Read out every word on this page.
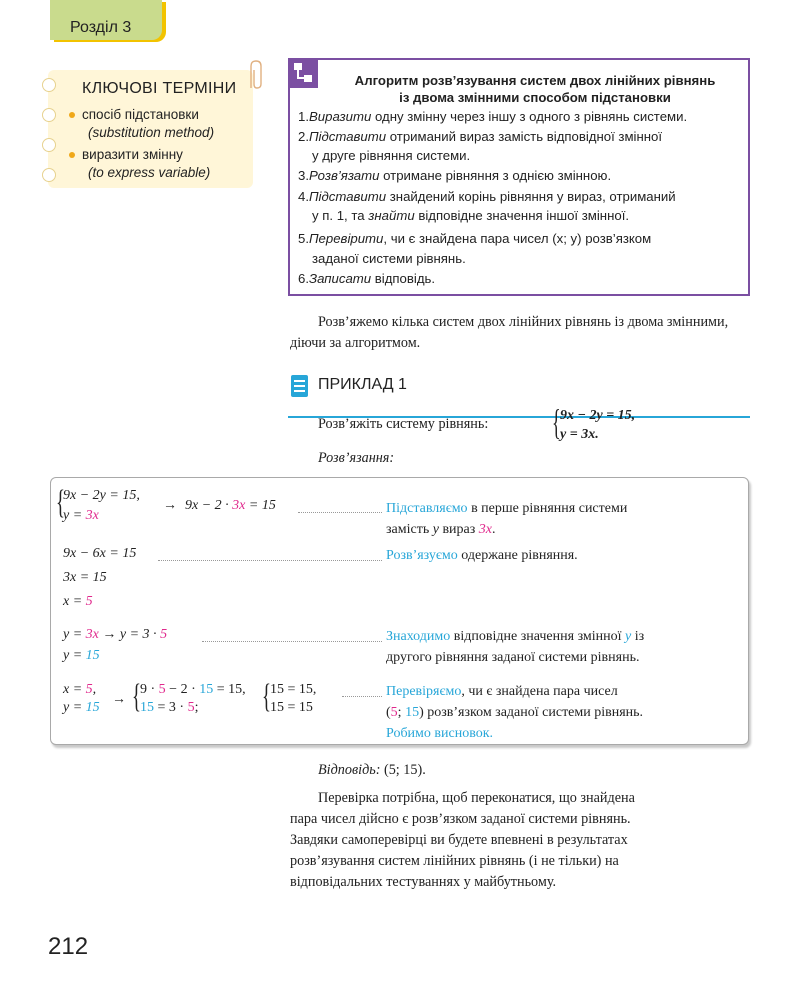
Розділ 3
КЛЮЧОВІ ТЕРМІНИ
спосіб підстановки
(substitution method)
виразити змінну
(to express variable)
Алгоритм розв’язування систем двох лінійних рівнянь
із двома змінними способом підстановки
1.Виразити одну змінну через іншу з одного з рівнянь системи.
2.Підставити отриманий вираз замість відповідної змінної
у друге рівняння системи.
3.Розв’язати отримане рівняння з однією змінною.
4.Підставити знайдений корінь рівняння у вираз, отриманий
у п. 1, та знайти відповідне значення іншої змінної.
5.Перевірити, чи є знайдена пара чисел (x; y) розв’язком
заданої системи рівнянь.
6.Записати відповідь.
Розв’яжемо кілька систем двох лінійних рівнянь із двома змінними, діючи за алгоритмом.
ПРИКЛАД 1
Розв’яжіть систему рівнянь: { 9x − 2y = 15,
y = 3x.
Розв’язання:
{
9x − 2y = 15,
y = 3x
→ 9x − 2 · 3x = 15	Підставляємо в перше рівняння системи
замість y вираз 3x.
9x − 6x = 15
3x = 15
x = 5
Розв’язуємо одержане рівняння.
y = 3x → y = 3 · 5
y = 15
Знаходимо відповідне значення змінної y із
другого рівняння заданої системи рівнянь.
x = 5,
y = 15
→ { 9 · 5 − 2 · 15 = 15,
15 = 3 · 5; { 15 = 15,
15 = 15
Перевіряємо, чи є знайдена пара чисел
(5; 15) розв’язком заданої системи рівнянь.
Робимо висновок.
Відповідь: (5; 15).
Перевірка потрібна, щоб переконатися, що знайдена
пара чисел дійсно є розв’язком заданої системи рівнянь.
Завдяки самоперевірці ви будете впевнені в результатах
розв’язування систем лінійних рівнянь (і не тільки) на
відповідальних тестуваннях у майбутньому.
212
